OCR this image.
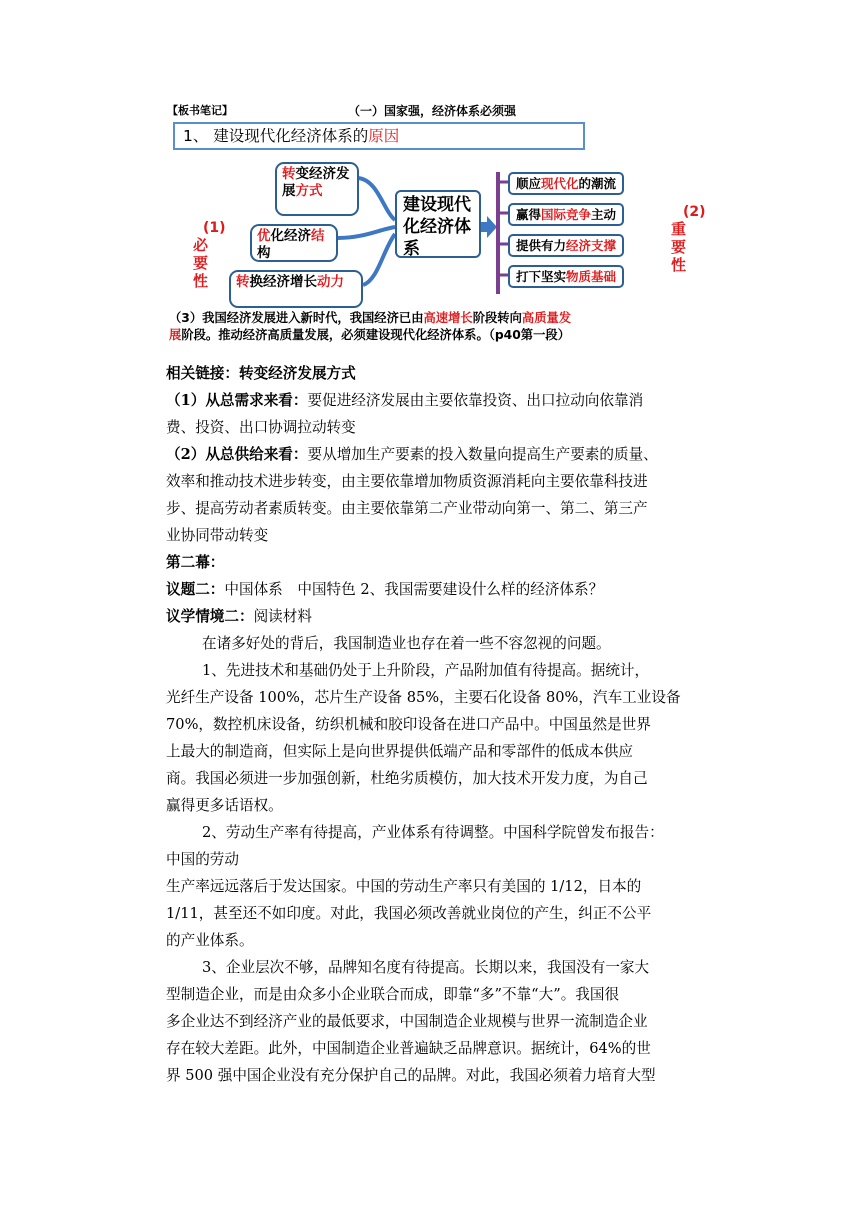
【板书笔记】	（一）国家强，经济体系必须强
1、 建设现代化经济体系的原因
转变经济发展方式
优化经济结构
转换经济增长动力
(1)
必要性
建设现代化经济体系
顺应现代化的潮流
赢得国际竞争主动
提供有力经济支撑
打下坚实物质基础
(2)
重要性
（3）我国经济发展进入新时代，我国经济已由高速增长阶段转向高质量发
展阶段。推动经济高质量发展，必须建设现代化经济体系。（p40第一段）
相关链接：转变经济发展方式
（1）从总需求来看：要促进经济发展由主要依靠投资、出口拉动向依靠消
费、投资、出口协调拉动转变
（2）从总供给来看：要从增加生产要素的投入数量向提高生产要素的质量、
效率和推动技术进步转变，由主要依靠增加物质资源消耗向主要依靠科技进
步、提高劳动者素质转变。由主要依靠第二产业带动向第一、第二、第三产
业协同带动转变
第二幕：
议题二：中国体系　中国特色 2、我国需要建设什么样的经济体系？
议学情境二：阅读材料
在诸多好处的背后，我国制造业也存在着一些不容忽视的问题。
1、先进技术和基础仍处于上升阶段，产品附加值有待提高。据统计，
光纤生产设备 100%，芯片生产设备 85%，主要石化设备 80%，汽车工业设备
70%，数控机床设备，纺织机械和胶印设备在进口产品中。中国虽然是世界
上最大的制造商，但实际上是向世界提供低端产品和零部件的低成本供应
商。我国必须进一步加强创新，杜绝劣质模仿，加大技术开发力度，为自己
赢得更多话语权。
2、劳动生产率有待提高，产业体系有待调整。中国科学院曾发布报告：
中国的劳动
生产率远远落后于发达国家。中国的劳动生产率只有美国的 1/12，日本的
1/11，甚至还不如印度。对此，我国必须改善就业岗位的产生，纠正不公平
的产业体系。
3、企业层次不够，品牌知名度有待提高。长期以来，我国没有一家大
型制造企业，而是由众多小企业联合而成，即靠“多”不靠“大”。我国很
多企业达不到经济产业的最低要求，中国制造企业规模与世界一流制造企业
存在较大差距。此外，中国制造企业普遍缺乏品牌意识。据统计，64%的世
界 500 强中国企业没有充分保护自己的品牌。对此，我国必须着力培育大型
